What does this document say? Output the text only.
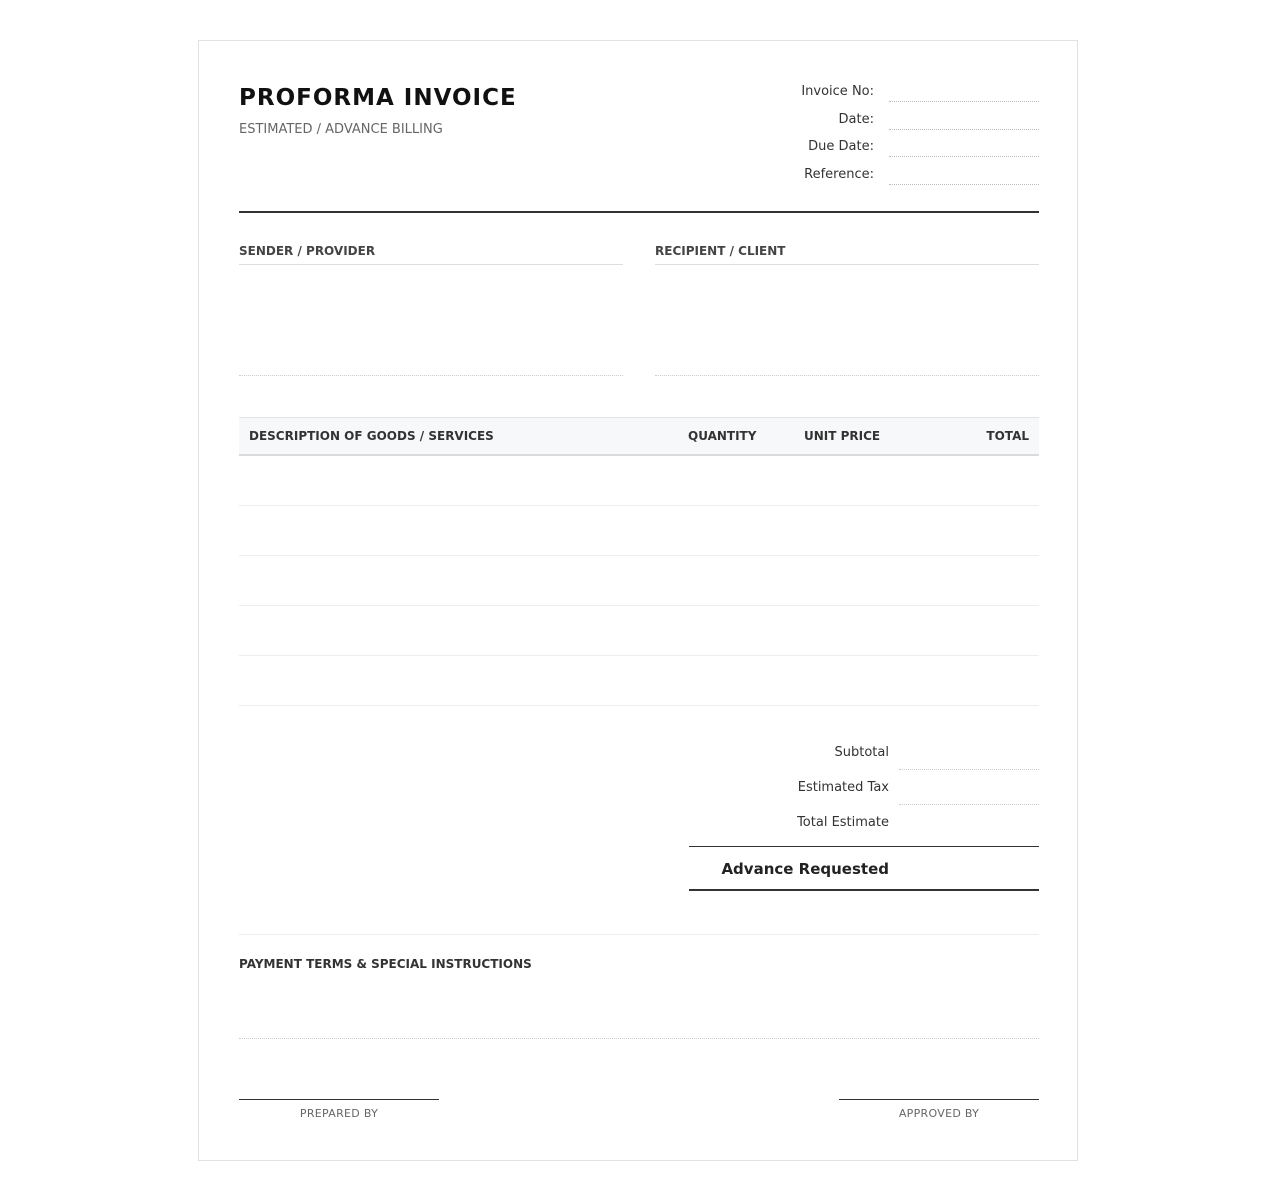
PROFORMA INVOICE
ESTIMATED / ADVANCE BILLING
Invoice No:
Date:
Due Date:
Reference:
SENDER / PROVIDER	RECIPIENT / CLIENT
DESCRIPTION OF GOODS / SERVICES	QUANTITY	UNIT PRICE	TOTAL
Subtotal
Estimated Tax
Total Estimate
Advance Requested
PAYMENT TERMS & SPECIAL INSTRUCTIONS
PREPARED BY	APPROVED BY
